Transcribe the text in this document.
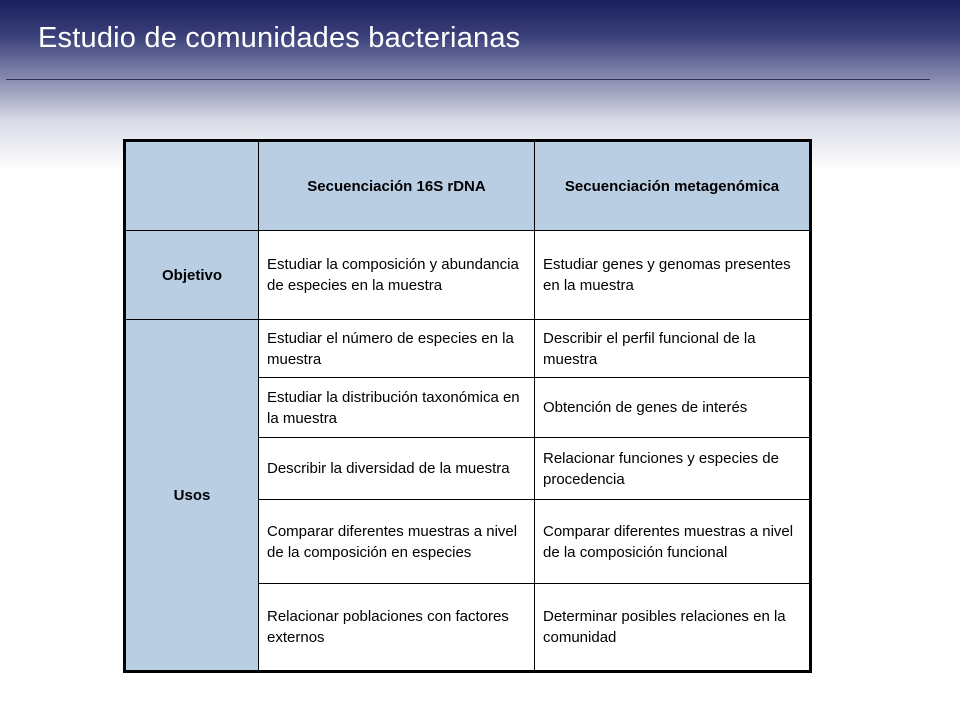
Estudio de comunidades bacterianas
	Secuenciación 16S rDNA	Secuenciación metagenómica
Objetivo	Estudiar la composición y abundancia de especies en la muestra	Estudiar genes y genomas presentes en la muestra
Usos	Estudiar el número de especies en la muestra	Describir el perfil funcional de la muestra
	Estudiar la distribución taxonómica en la muestra	Obtención de genes de interés
	Describir la diversidad de la muestra	Relacionar funciones y especies de procedencia
	Comparar diferentes muestras a nivel de la composición en especies	Comparar diferentes muestras a nivel de la composición funcional
	Relacionar poblaciones con factores externos	Determinar posibles relaciones en la comunidad
